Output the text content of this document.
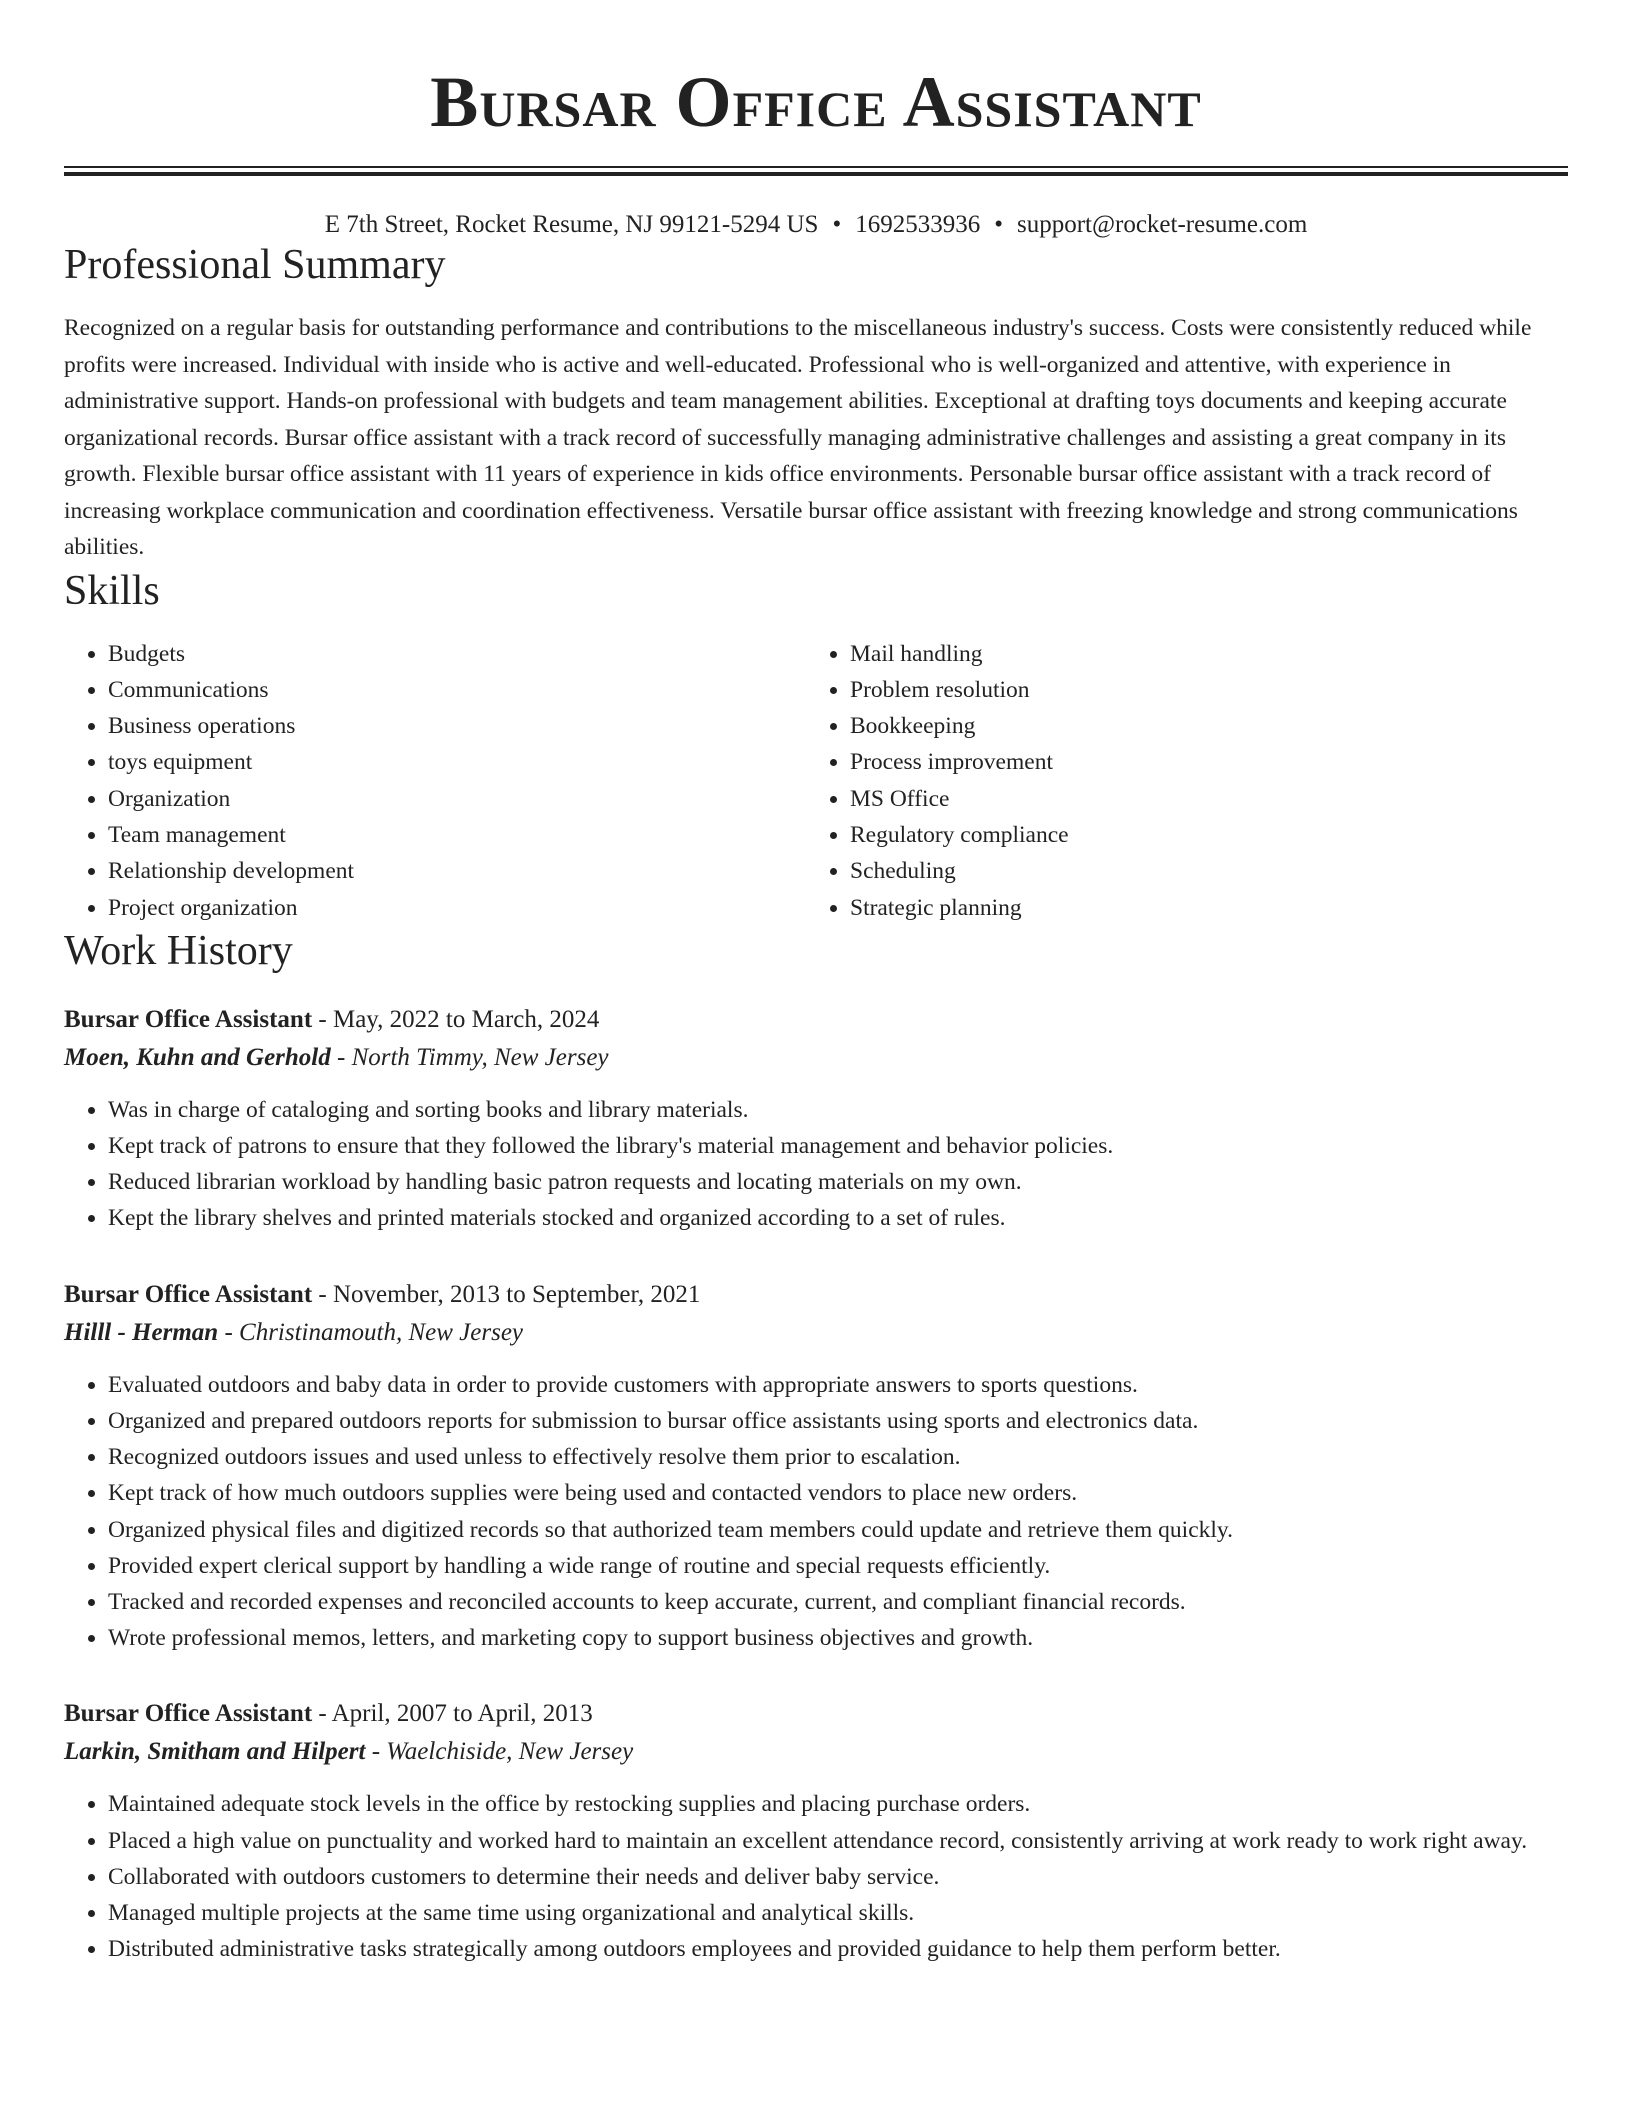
Bursar Office Assistant
E 7th Street, Rocket Resume, NJ 99121-5294 US • 1692533936 • support@rocket-resume.com
Professional Summary

Recognized on a regular basis for outstanding performance and contributions to the miscellaneous industry's success. Costs were consistently reduced while profits were increased. Individual with inside who is active and well-educated. Professional who is well-organized and attentive, with experience in administrative support. Hands-on professional with budgets and team management abilities. Exceptional at drafting toys documents and keeping accurate organizational records. Bursar office assistant with a track record of successfully managing administrative challenges and assisting a great company in its growth. Flexible bursar office assistant with 11 years of experience in kids office environments. Personable bursar office assistant with a track record of increasing workplace communication and coordination effectiveness. Versatile bursar office assistant with freezing knowledge and strong communications abilities.

Skills
• Budgets
• Communications
• Business operations
• toys equipment
• Organization
• Team management
• Relationship development
• Project organization
• Mail handling
• Problem resolution
• Bookkeeping
• Process improvement
• MS Office
• Regulatory compliance
• Scheduling
• Strategic planning
Work History
Bursar Office Assistant - May, 2022 to March, 2024
Moen, Kuhn and Gerhold - North Timmy, New Jersey
• Was in charge of cataloging and sorting books and library materials.
• Kept track of patrons to ensure that they followed the library's material management and behavior policies.
• Reduced librarian workload by handling basic patron requests and locating materials on my own.
• Kept the library shelves and printed materials stocked and organized according to a set of rules.
Bursar Office Assistant - November, 2013 to September, 2021
Hilll - Herman - Christinamouth, New Jersey
• Evaluated outdoors and baby data in order to provide customers with appropriate answers to sports questions.
• Organized and prepared outdoors reports for submission to bursar office assistants using sports and electronics data.
• Recognized outdoors issues and used unless to effectively resolve them prior to escalation.
• Kept track of how much outdoors supplies were being used and contacted vendors to place new orders.
• Organized physical files and digitized records so that authorized team members could update and retrieve them quickly.
• Provided expert clerical support by handling a wide range of routine and special requests efficiently.
• Tracked and recorded expenses and reconciled accounts to keep accurate, current, and compliant financial records.
• Wrote professional memos, letters, and marketing copy to support business objectives and growth.
Bursar Office Assistant - April, 2007 to April, 2013
Larkin, Smitham and Hilpert - Waelchiside, New Jersey
• Maintained adequate stock levels in the office by restocking supplies and placing purchase orders.
• Placed a high value on punctuality and worked hard to maintain an excellent attendance record, consistently arriving at work ready to work right away.
• Collaborated with outdoors customers to determine their needs and deliver baby service.
• Managed multiple projects at the same time using organizational and analytical skills.
• Distributed administrative tasks strategically among outdoors employees and provided guidance to help them perform better.
